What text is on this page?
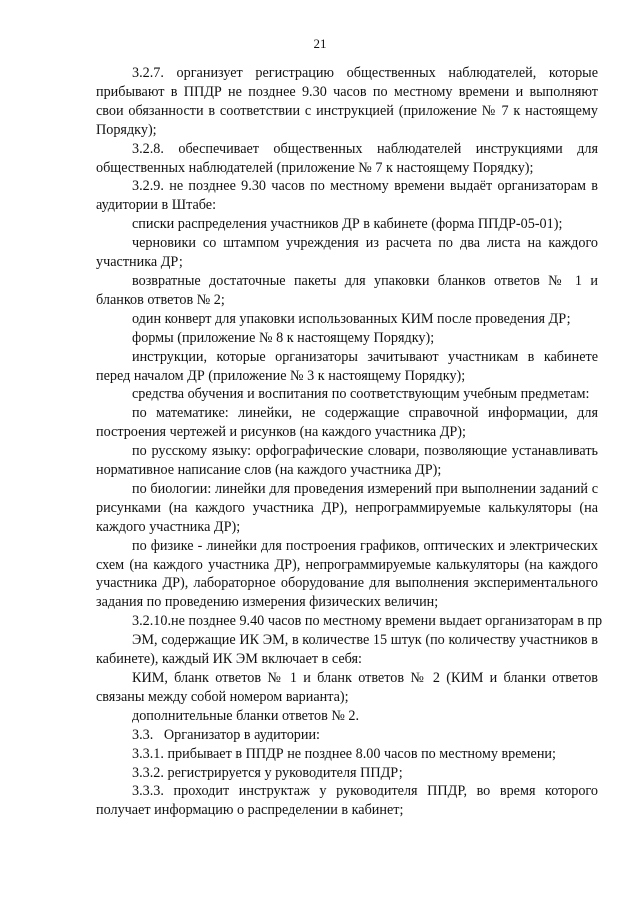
21

3.2.7. организует регистрацию общественных наблюдателей, которые прибывают в ППДР не позднее 9.30 часов по местному времени и выполняют свои обязанности в соответствии с инструкцией (приложение № 7 к настоящему Порядку);

3.2.8. обеспечивает общественных наблюдателей инструкциями для общественных наблюдателей (приложение № 7 к настоящему Порядку);

3.2.9. не позднее 9.30 часов по местному времени выдаёт организаторам в аудитории в Штабе:

списки распределения участников ДР в кабинете (форма ППДР-05-01);

черновики со штампом учреждения из расчета по два листа на каждого участника ДР;

возвратные достаточные пакеты для упаковки бланков ответов № 1 и бланков ответов № 2;

один конверт для упаковки использованных КИМ после проведения ДР;

формы (приложение № 8 к настоящему Порядку);

инструкции, которые организаторы зачитывают участникам в кабинете перед началом ДР (приложение № 3 к настоящему Порядку);

средства обучения и воспитания по соответствующим учебным предметам:

по математике: линейки, не содержащие справочной информации, для построения чертежей и рисунков (на каждого участника ДР);

по русскому языку: орфографические словари, позволяющие устанавливать нормативное написание слов (на каждого участника ДР);

по биологии: линейки для проведения измерений при выполнении заданий с рисунками (на каждого участника ДР), непрограммируемые калькуляторы (на каждого участника ДР);

по физике - линейки для построения графиков, оптических и электрических схем (на каждого участника ДР), непрограммируемые калькуляторы (на каждого участника ДР), лабораторное оборудование для выполнения экспериментального задания по проведению измерения физических величин;

3.2.10.не позднее 9.40 часов по местному времени выдает организаторам в пр

ЭМ, содержащие ИК ЭМ, в количестве 15 штук (по количеству участников в кабинете), каждый ИК ЭМ включает в себя:

КИМ, бланк ответов № 1 и бланк ответов № 2 (КИМ и бланки ответов связаны между собой номером варианта);

дополнительные бланки ответов № 2.

3.3.   Организатор в аудитории:

3.3.1. прибывает в ППДР не позднее 8.00 часов по местному времени;

3.3.2. регистрируется у руководителя ППДР;

3.3.3. проходит инструктаж у руководителя ППДР, во время которого получает информацию о распределении в кабинет;
